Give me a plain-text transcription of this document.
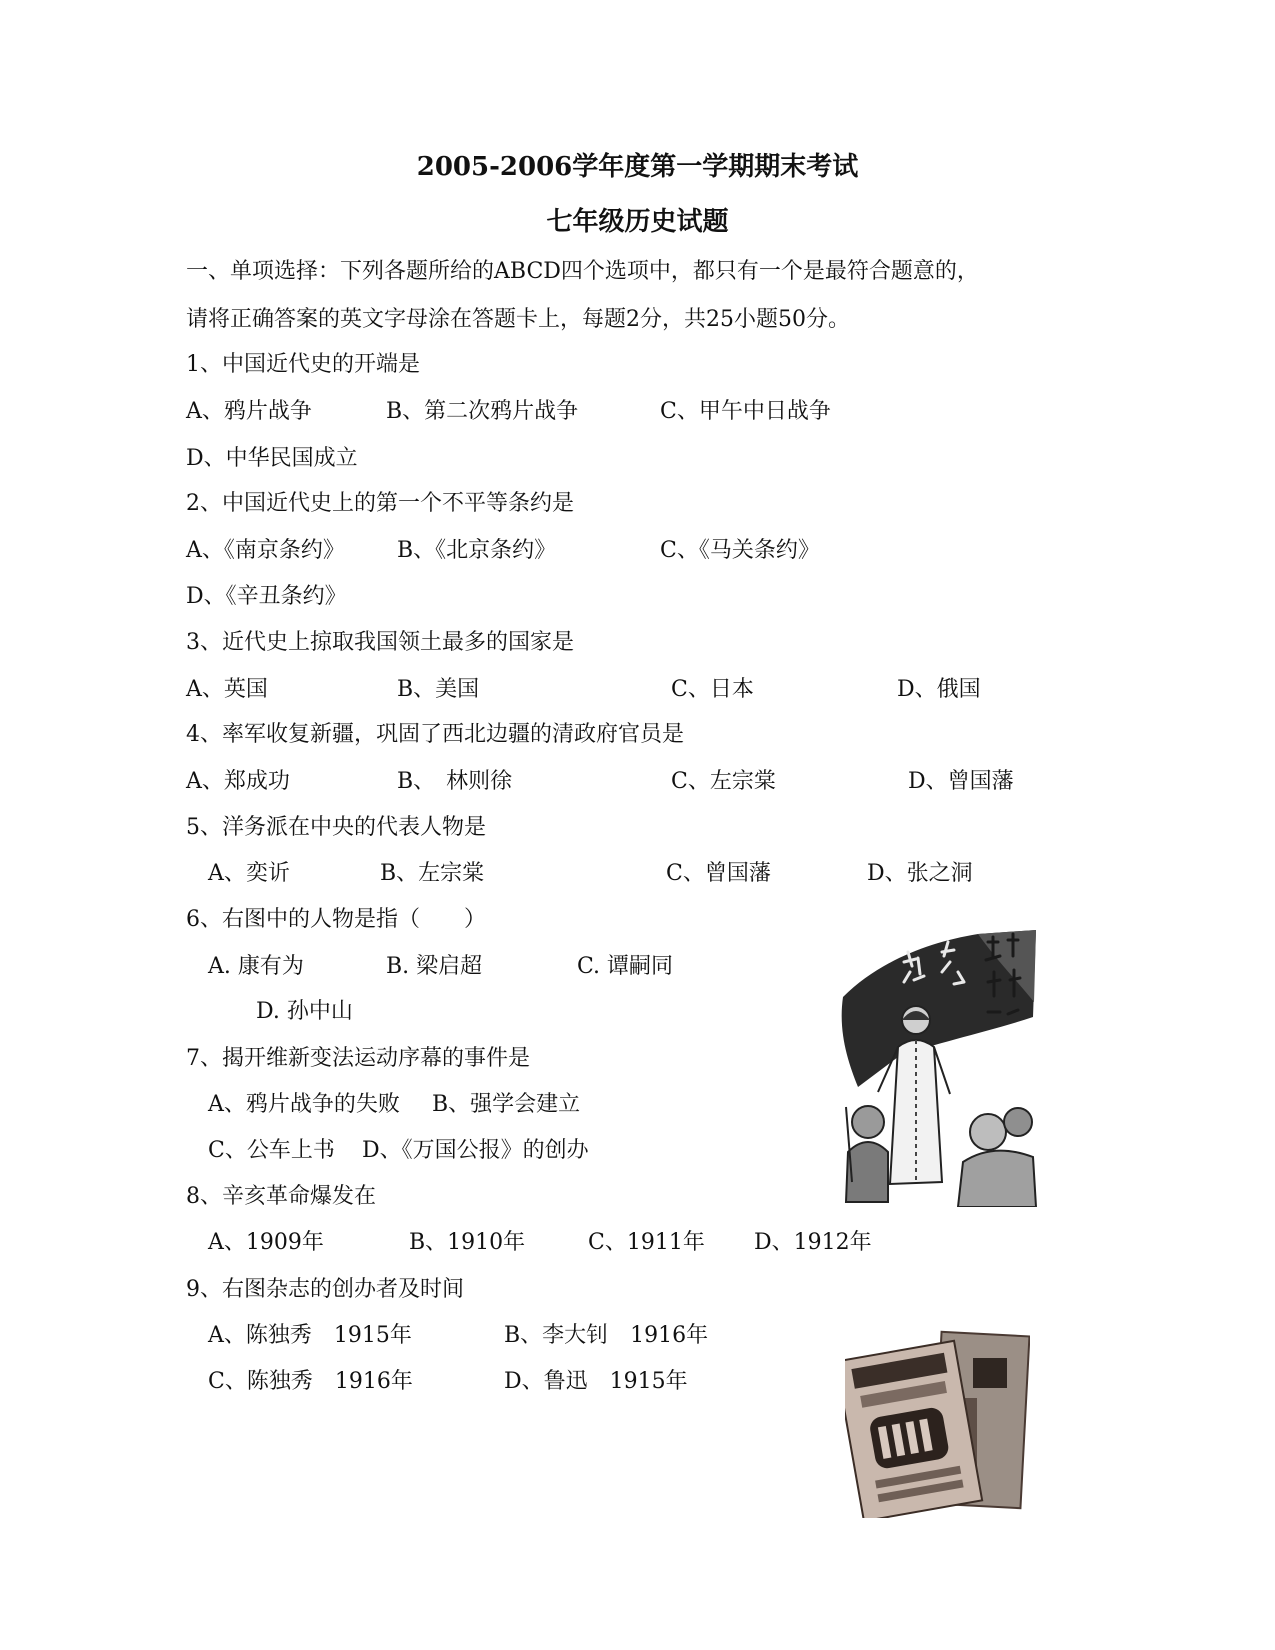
2005-2006学年度第一学期期末考试
七年级历史试题
一、单项选择：下列各题所给的ABCD四个选项中，都只有一个是最符合题意的，
请将正确答案的英文字母涂在答题卡上，每题2分，共25小题50分。
1、中国近代史的开端是
A、鸦片战争	B、第二次鸦片战争	C、甲午中日战争
D、中华民国成立
2、中国近代史上的第一个不平等条约是
A、《南京条约》 B、《北京条约》	C、《马关条约》
D、《辛丑条约》
3、近代史上掠取我国领土最多的国家是
A、英国	B、美国	C、日本	D、俄国
4、率军收复新疆，巩固了西北边疆的清政府官员是
A、郑成功	B、　林则徐	C、左宗棠	D、曾国藩
5、洋务派在中央的代表人物是
A、奕䜣	B、左宗棠	C、曾国藩	D、张之洞
6、右图中的人物是指（　　）
A. 康有为	B. 梁启超	C. 谭嗣同
D. 孙中山
7、揭开维新变法运动序幕的事件是
A、鸦片战争的失败 B、强学会建立
C、公车上书 D、《万国公报》的创办
8、辛亥革命爆发在
A、1909年	B、1910年	C、1911年 D、1912年
9、右图杂志的创办者及时间
A、陈独秀　1915年	B、李大钊　1916年
C、陈独秀　1916年	D、鲁迅　1915年
